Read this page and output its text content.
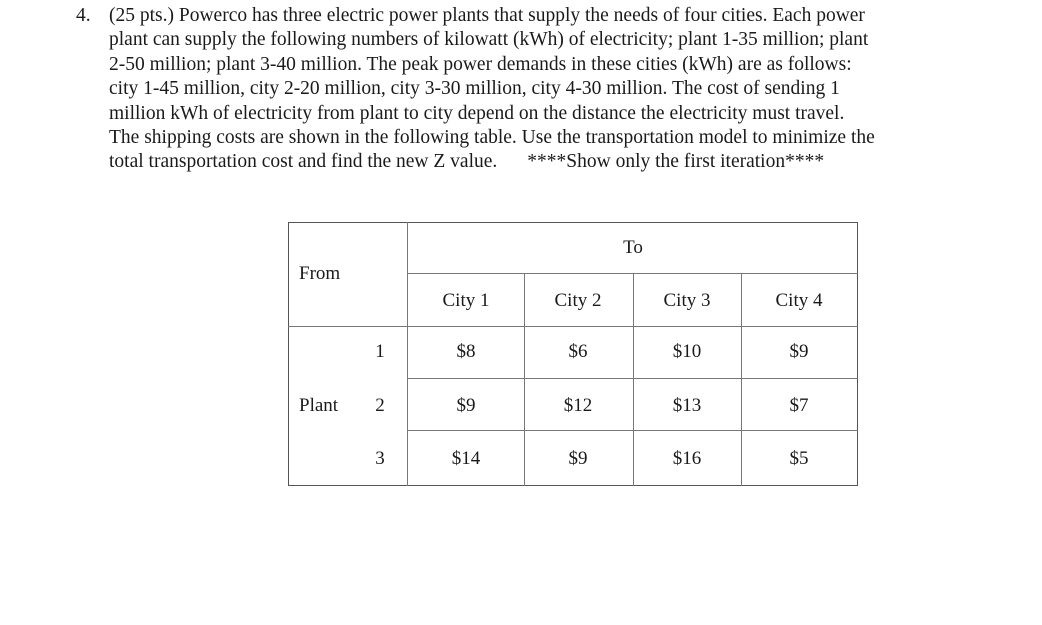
4. (25 pts.) Powerco has three electric power plants that supply the needs of four cities. Each power
plant can supply the following numbers of kilowatt (kWh) of electricity; plant 1-35 million; plant
2-50 million; plant 3-40 million. The peak power demands in these cities (kWh) are as follows:
city 1-45 million, city 2-20 million, city 3-30 million, city 4-30 million. The cost of sending 1
million kWh of electricity from plant to city depend on the distance the electricity must travel.
The shipping costs are shown in the following table. Use the transportation model to minimize the
total transportation cost and find the new Z value. ****Show only the first iteration****
From
To
City 1	City 2	City 3	City 4
Plant
1	$8	$6	$10	$9
2	$9	$12	$13	$7
3	$14	$9	$16	$5
